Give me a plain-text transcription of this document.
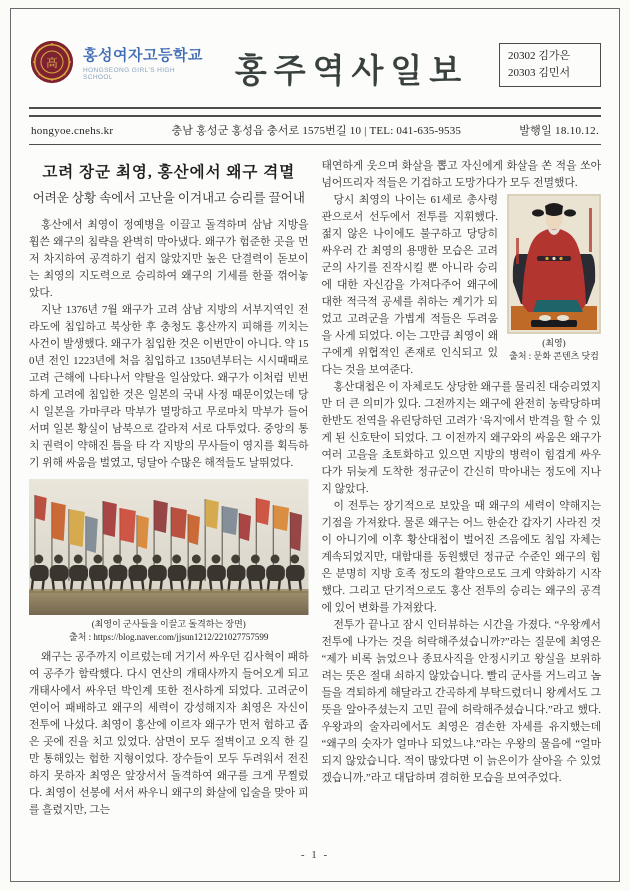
高 홍성여자고등학교
HONGSEONG GIRL'S HIGH SCHOOL	홍주역사일보	20302 김가은
20303 김민서
hongyoe.cnehs.kr	충남 홍성군 홍성읍 충서로 1575번길 10 | TEL: 041-635-9535	발행일 18.10.12.
고려 장군 최영, 홍산에서 왜구 격멸
어려운 상황 속에서 고난을 이겨내고 승리를 끌어내

홍산에서 최영이 정예병을 이끌고 돌격하며 삼남 지방을 휩쓴 왜구의 침략을 완벽히 막아냈다. 왜구가 험준한 곳을 먼저 차지하여 공격하기 쉽지 않았지만 높은 단결력이 돋보이는 최영의 지도력으로 승리하여 왜구의 기세를 한풀 꺾어놓았다.

지난 1376년 7월 왜구가 고려 삼남 지방의 서부지역인 전라도에 침입하고 북상한 후 충청도 홍산까지 피해를 끼치는 사건이 발생했다. 왜구가 침입한 것은 이번만이 아니다. 약 150년 전인 1223년에 처음 침입하고 1350년부터는 시시때때로 고려 근해에 나타나서 약탈을 일삼았다. 왜구가 이처럼 빈번하게 고려에 침입한 것은 일본의 국내 사정 때문이었는데 당시 일본을 가마쿠라 막부가 멸망하고 무로마치 막부가 들어서며 일본 황실이 남북으로 갈라져 서로 다투었다. 중앙의 통치 권력이 약해진 틈을 타 각 지방의 무사들이 영지를 획득하기 위해 싸움을 벌였고, 덩달아 수많은 해적들도 날뛰었다.

(최영이 군사들을 이끌고 돌격하는 장면)
출처 : https://blog.naver.com/jjsun1212/221027757599

왜구는 공주까지 이르렀는데 거기서 싸우던 김사혁이 패하여 공주가 함락했다. 다시 연산의 개태사까지 들어오게 되고 개태사에서 싸우던 박인계 또한 전사하게 되었다. 고려군이 연이어 패배하고 왜구의 세력이 강성해지자 최영은 자신이 전투에 나섰다. 최영이 홍산에 이르자 왜구가 먼저 험하고 좁은 곳에 진을 치고 있었다. 삼면이 모두 절벽이고 오직 한 길만 통해있는 험한 지형이었다. 장수들이 모두 두려워서 전진하지 못하자 최영은 앞장서서 돌격하여 왜구를 크게 무찔렀다. 최영이 선봉에 서서 싸우니 왜구의 화살에 입술을 맞아 피를 흘렸지만, 그는

태연하게 웃으며 화살을 뽑고 자신에게 화살을 쏜 적을 쏘아 넘어뜨리자 적들은 기겁하고 도망가다가 모두 전멸했다.

(최영)
출처 : 문화 콘텐츠 닷컴

당시 최영의 나이는 61세로 총사령관으로서 선두에서 전투를 지휘했다. 젊지 않은 나이에도 불구하고 당당히 싸우러 간 최영의 용맹한 모습은 고려군의 사기를 진작시킬 뿐 아니라 승리에 대한 자신감을 가져다주어 왜구에 대한 적극적 공세를 취하는 계기가 되었고 고려군을 가볍게 적들은 두려움을 사게 되었다. 이는 그만큼 최영이 왜구에게 위협적인 존재로 인식되고 있다는 것을 보여준다.

홍산대첩은 이 자체로도 상당한 왜구를 물리친 대승리였지만 더 큰 의미가 있다. 그전까지는 왜구에 완전히 농락당하며 한반도 전역을 유린당하던 고려가 '육지'에서 반격을 할 수 있게 된 신호탄이 되었다. 그 이전까지 왜구와의 싸움은 왜구가 여러 고을을 초토화하고 있으면 지방의 병력이 힘겹게 싸우다가 뒤늦게 도착한 정규군이 간신히 막아내는 정도에 지나지 않았다.

이 전투는 장기적으로 보았을 때 왜구의 세력이 약해지는 기점을 가져왔다. 물론 왜구는 어느 한순간 갑자기 사라진 것이 아니기에 이후 황산대첩이 벌어진 즈음에도 침입 자체는 계속되었지만, 대함대를 동원했던 정규군 수준인 왜구의 힘은 분명히 지방 호족 정도의 활약으로도 크게 약화하기 시작했다. 그리고 단기적으로도 홍산 전투의 승리는 왜구의 공격에 있어 변화를 가져왔다.

전투가 끝나고 잠시 인터뷰하는 시간을 가졌다. “우왕께서 전투에 나가는 것을 허락해주셨습니까?”라는 질문에 최영은 “제가 비록 늙었으나 종묘사직을 안정시키고 왕실을 보위하려는 뜻은 절대 쇠하지 않았습니다. 빨리 군사를 거느리고 놈들을 격퇴하게 해달라고 간곡하게 부탁드렸더니 왕께서도 그 뜻을 알아주셨는지 고민 끝에 허락해주셨습니다.”라고 했다. 우왕과의 술자리에서도 최영은 겸손한 자세를 유지했는데 “왜구의 숫자가 얼마나 되었느냐.”라는 우왕의 물음에 “얼마 되지 않았습니다. 적이 많았다면 이 늙은이가 살아올 수 있었겠습니까.”라고 대답하며 겸허한 모습을 보여주었다.

- 1 -
